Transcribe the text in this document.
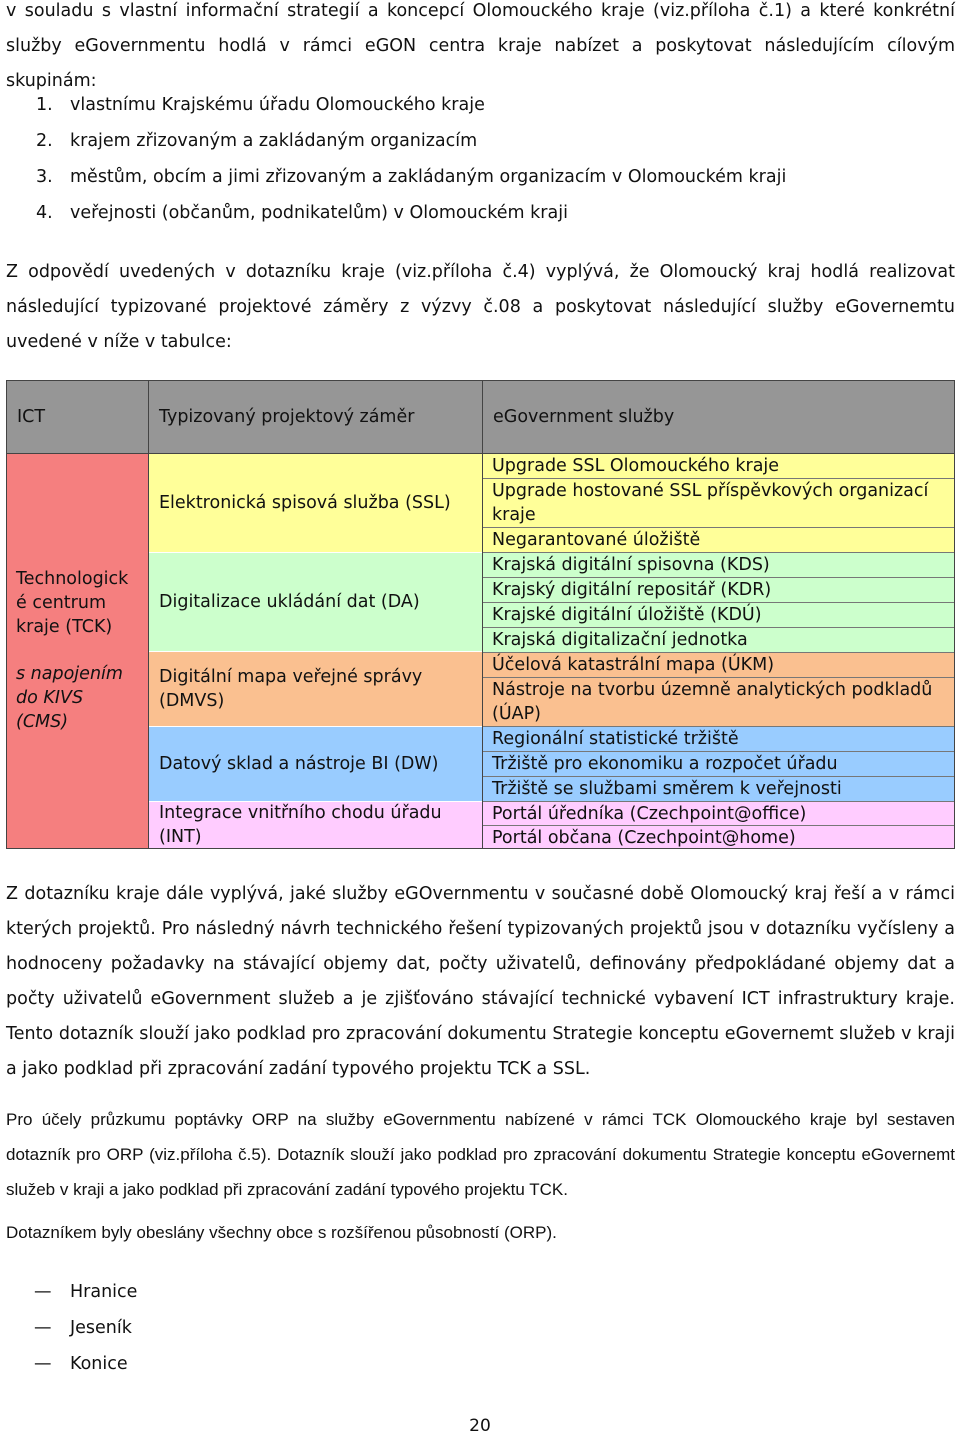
v souladu s vlastní informační strategií a koncepcí Olomouckého kraje (viz.příloha č.1) a které konkrétní služby eGovernmentu hodlá v rámci eGON centra kraje nabízet a poskytovat následujícím cílovým skupinám:

1. vlastnímu Krajskému úřadu Olomouckého kraje
2. krajem zřizovaným a zakládaným organizacím
3. městům, obcím a jimi zřizovaným a zakládaným organizacím v Olomouckém kraji
4. veřejnosti (občanům, podnikatelům) v Olomouckém kraji

Z odpovědí uvedených v dotazníku kraje (viz.příloha č.4) vyplývá, že Olomoucký kraj hodlá realizovat následující typizované projektové záměry z výzvy č.08 a poskytovat následující služby eGovernemtu uvedené v níže v tabulce:

ICT	Typizovaný projektový záměr	eGovernment služby
Technologick
é centrum
kraje (TCK)
s napojením
do KIVS
(CMS)
Elektronická spisová služba (SSL)
Digitalizace ukládání dat (DA)
Digitální mapa veřejné správy (DMVS)
Datový sklad a nástroje BI (DW)
Integrace vnitřního chodu úřadu (INT)
Upgrade SSL Olomouckého kraje
Upgrade hostované SSL příspěvkových organizací kraje
Negarantované úložiště
Krajská digitální spisovna (KDS)
Krajský digitální repositář (KDR)
Krajské digitální úložiště (KDÚ)
Krajská digitalizační jednotka
Účelová katastrální mapa (ÚKM)
Nástroje na tvorbu územně analytických podkladů (ÚAP)
Regionální statistické tržiště
Tržiště pro ekonomiku a rozpočet úřadu
Tržiště se službami směrem k veřejnosti
Portál úředníka (Czechpoint@office)
Portál občana (Czechpoint@home)

Z dotazníku kraje dále vyplývá, jaké služby eGOvernmentu v současné době Olomoucký kraj řeší a v rámci kterých projektů. Pro následný návrh technického řešení typizovaných projektů jsou v dotazníku vyčísleny a hodnoceny požadavky na stávající objemy dat, počty uživatelů, definovány předpokládané objemy dat a počty uživatelů eGovernment služeb a je zjišťováno stávající technické vybavení ICT infrastruktury kraje. Tento dotazník slouží jako podklad pro zpracování dokumentu Strategie konceptu eGovernemt služeb v kraji a jako podklad při zpracování zadání typového projektu TCK a SSL.

Pro účely průzkumu poptávky ORP na služby eGovernmentu nabízené v rámci TCK Olomouckého kraje byl sestaven dotazník pro ORP (viz.příloha č.5). Dotazník slouží jako podklad pro zpracování dokumentu Strategie konceptu eGovernemt služeb v kraji a jako podklad při zpracování zadání typového projektu TCK.

Dotazníkem byly obeslány všechny obce s rozšířenou působností (ORP).

— Hranice
— Jeseník
— Konice
20
